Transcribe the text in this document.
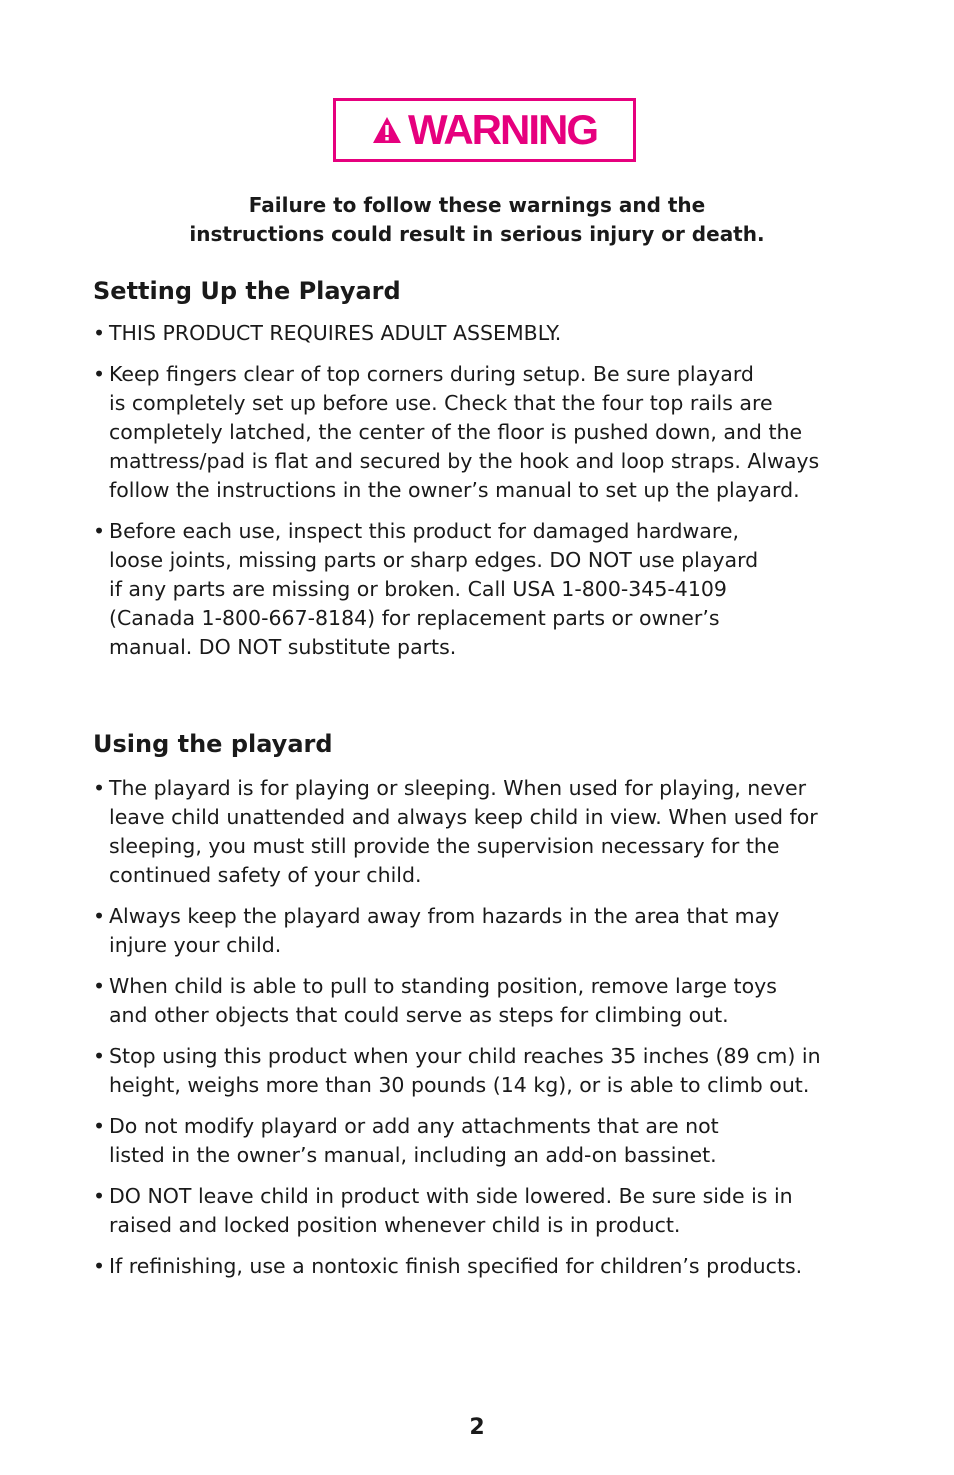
WARNING

Failure to follow these warnings and the
instructions could result in serious injury or death.

Setting Up the Playard
• THIS PRODUCT REQUIRES ADULT ASSEMBLY.
• Keep fingers clear of top corners during setup. Be sure playard
is completely set up before use. Check that the four top rails are
completely latched, the center of the floor is pushed down, and the
mattress/pad is flat and secured by the hook and loop straps. Always
follow the instructions in the owner’s manual to set up the playard.
• Before each use, inspect this product for damaged hardware,
loose joints, missing parts or sharp edges. DO NOT use playard
if any parts are missing or broken. Call USA 1-800-345-4109
(Canada 1-800-667-8184) for replacement parts or owner’s
manual. DO NOT substitute parts.
Using the playard
• The playard is for playing or sleeping. When used for playing, never
leave child unattended and always keep child in view. When used for
sleeping, you must still provide the supervision necessary for the
continued safety of your child.
• Always keep the playard away from hazards in the area that may
injure your child.
• When child is able to pull to standing position, remove large toys
and other objects that could serve as steps for climbing out.
• Stop using this product when your child reaches 35 inches (89 cm) in
height, weighs more than 30 pounds (14 kg), or is able to climb out.
• Do not modify playard or add any attachments that are not
listed in the owner’s manual, including an add-on bassinet.
• DO NOT leave child in product with side lowered. Be sure side is in
raised and locked position whenever child is in product.
• If refinishing, use a nontoxic finish specified for children’s products.
2
